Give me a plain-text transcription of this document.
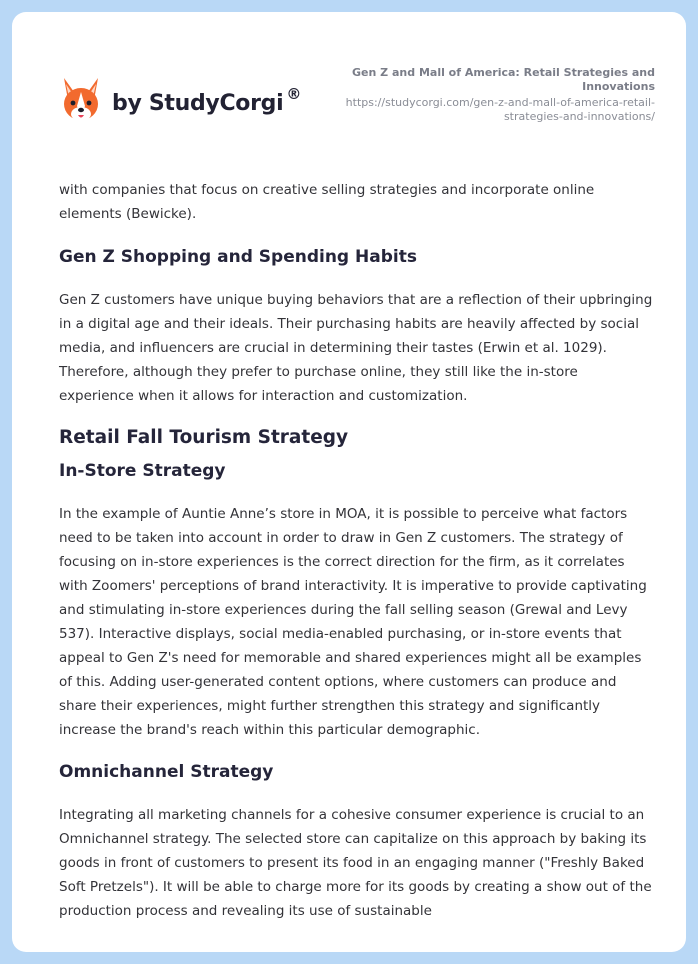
by StudyCorgi ®
Gen Z and Mall of America: Retail Strategies and Innovations
https://studycorgi.com/gen-z-and-mall-of-america-retail-strategies-and-innovations/

with companies that focus on creative selling strategies and incorporate online elements (Bewicke).

Gen Z Shopping and Spending Habits

Gen Z customers have unique buying behaviors that are a reflection of their upbringing in a digital age and their ideals. Their purchasing habits are heavily affected by social media, and influencers are crucial in determining their tastes (Erwin et al. 1029). Therefore, although they prefer to purchase online, they still like the in-store experience when it allows for interaction and customization.

Retail Fall Tourism Strategy
In-Store Strategy

In the example of Auntie Anne’s store in MOA, it is possible to perceive what factors need to be taken into account in order to draw in Gen Z customers. The strategy of focusing on in-store experiences is the correct direction for the firm, as it correlates with Zoomers' perceptions of brand interactivity. It is imperative to provide captivating and stimulating in-store experiences during the fall selling season (Grewal and Levy 537). Interactive displays, social media-enabled purchasing, or in-store events that appeal to Gen Z's need for memorable and shared experiences might all be examples of this. Adding user-generated content options, where customers can produce and share their experiences, might further strengthen this strategy and significantly increase the brand's reach within this particular demographic.

Omnichannel Strategy

Integrating all marketing channels for a cohesive consumer experience is crucial to an Omnichannel strategy. The selected store can capitalize on this approach by baking its goods in front of customers to present its food in an engaging manner ("Freshly Baked Soft Pretzels"). It will be able to charge more for its goods by creating a show out of the production process and revealing its use of sustainable
